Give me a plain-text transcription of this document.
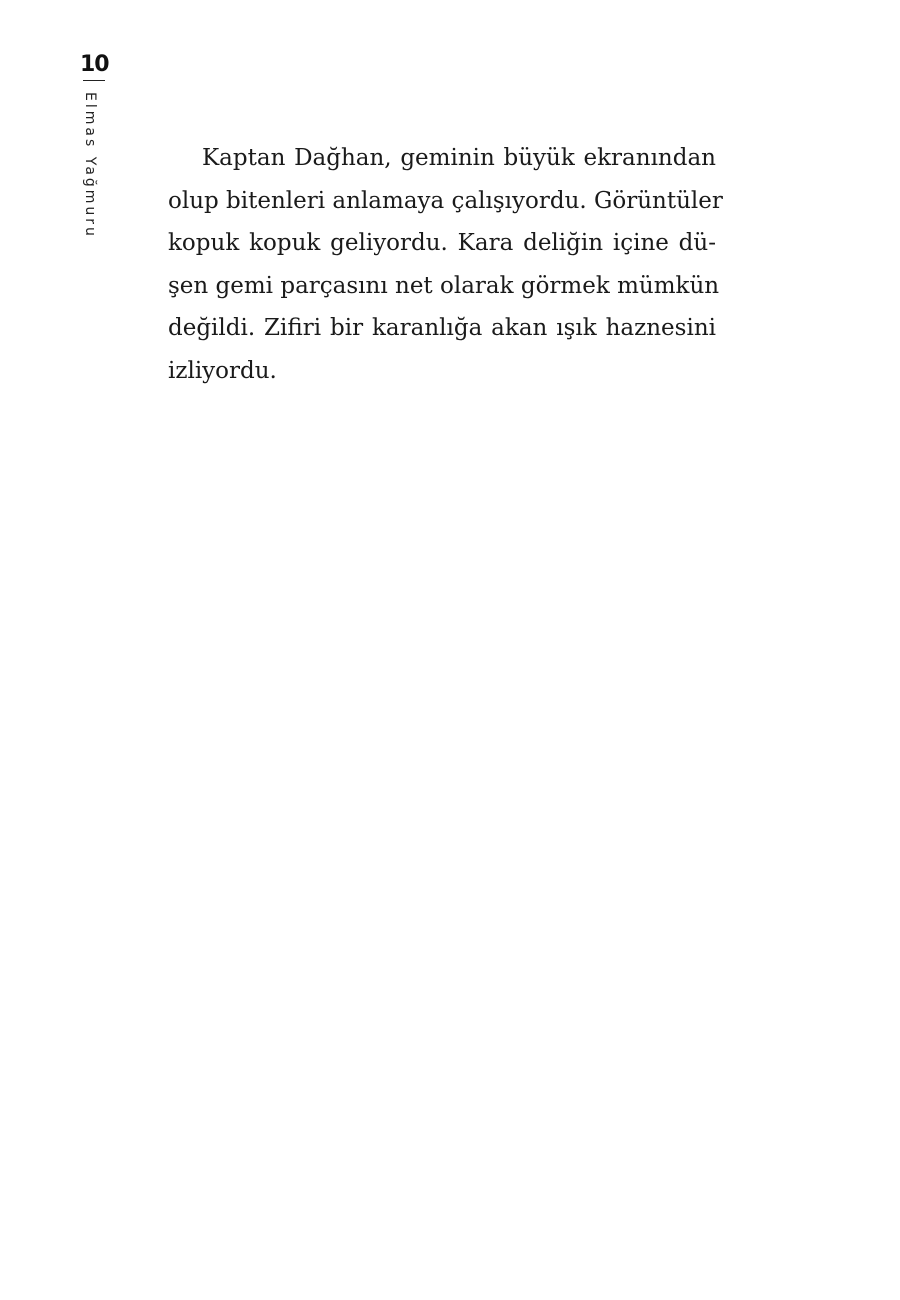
10
Elmas Yağmuru	Kaptan Dağhan, geminin büyük ekranından
olup bitenleri anlamaya çalışıyordu. Görüntüler
kopuk kopuk geliyordu. Kara deliğin içine dü-
şen gemi parçasını net olarak görmek mümkün
değildi. Zifiri bir karanlığa akan ışık haznesini
izliyordu.
